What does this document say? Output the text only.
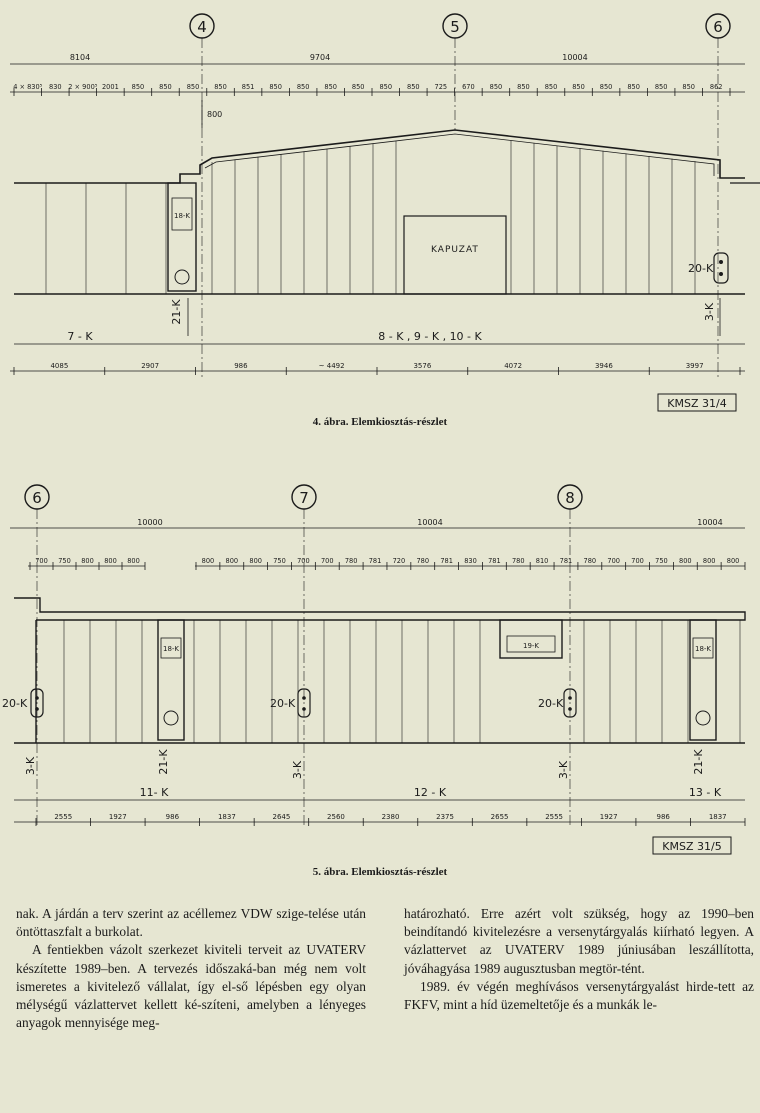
4	5	6
8104	9704	10004
4 × 830⁵ 830 2 × 900⁵ 2001 850 850 850 850 851 850 850 850 850 850 850 725 670 850 850 850 850 850 850 850 850 862
800
18-K
KAPUZAT
20-K
21-K	3-K
7 - K	8 - K , 9 - K , 10 - K
4085	2907	986	~ 4492	3576	4072	3946	3997
KMSZ 31/4
4. ábra. Elemkiosztás-részlet
6	7	8
10000	10004	10004
700 750 800 800 800	800 800 800 750 700 700 780 781 720 780 781 830 781 780 810 781 780 700 700 750 800 800 800
18-K	19-K	18-K
20-K	20-K	20-K
3-K	21-K	3-K	3-K	21-K
11- K	12 - K	13 - K
2555	1927	986	1837	2645	2560	2380	2375	2655	2555	1927	986	1837
KMSZ 31/5
5. ábra. Elemkiosztás-részlet

nak. A járdán a terv szerint az acéllemez VDW szige-telése után öntöttaszfalt a burkolat.

A fentiekben vázolt szerkezet kiviteli terveit az UVATERV készítette 1989–ben. A tervezés időszaká-ban még nem volt ismeretes a kivitelező vállalat, így el-ső lépésben egy olyan mélységű vázlattervet kellett ké-szíteni, amelyben a lényeges anyagok mennyisége meg-

határozható. Erre azért volt szükség, hogy az 1990–ben beindítandó kivitelezésre a versenytárgyalás kiírható legyen. A vázlattervet az UVATERV 1989 júniusában leszállította, jóváhagyása 1989 augusztusban megtör-tént.

1989. év végén meghívásos versenytárgyalást hirde-tett az FKFV, mint a híd üzemeltetője és a munkák le-
